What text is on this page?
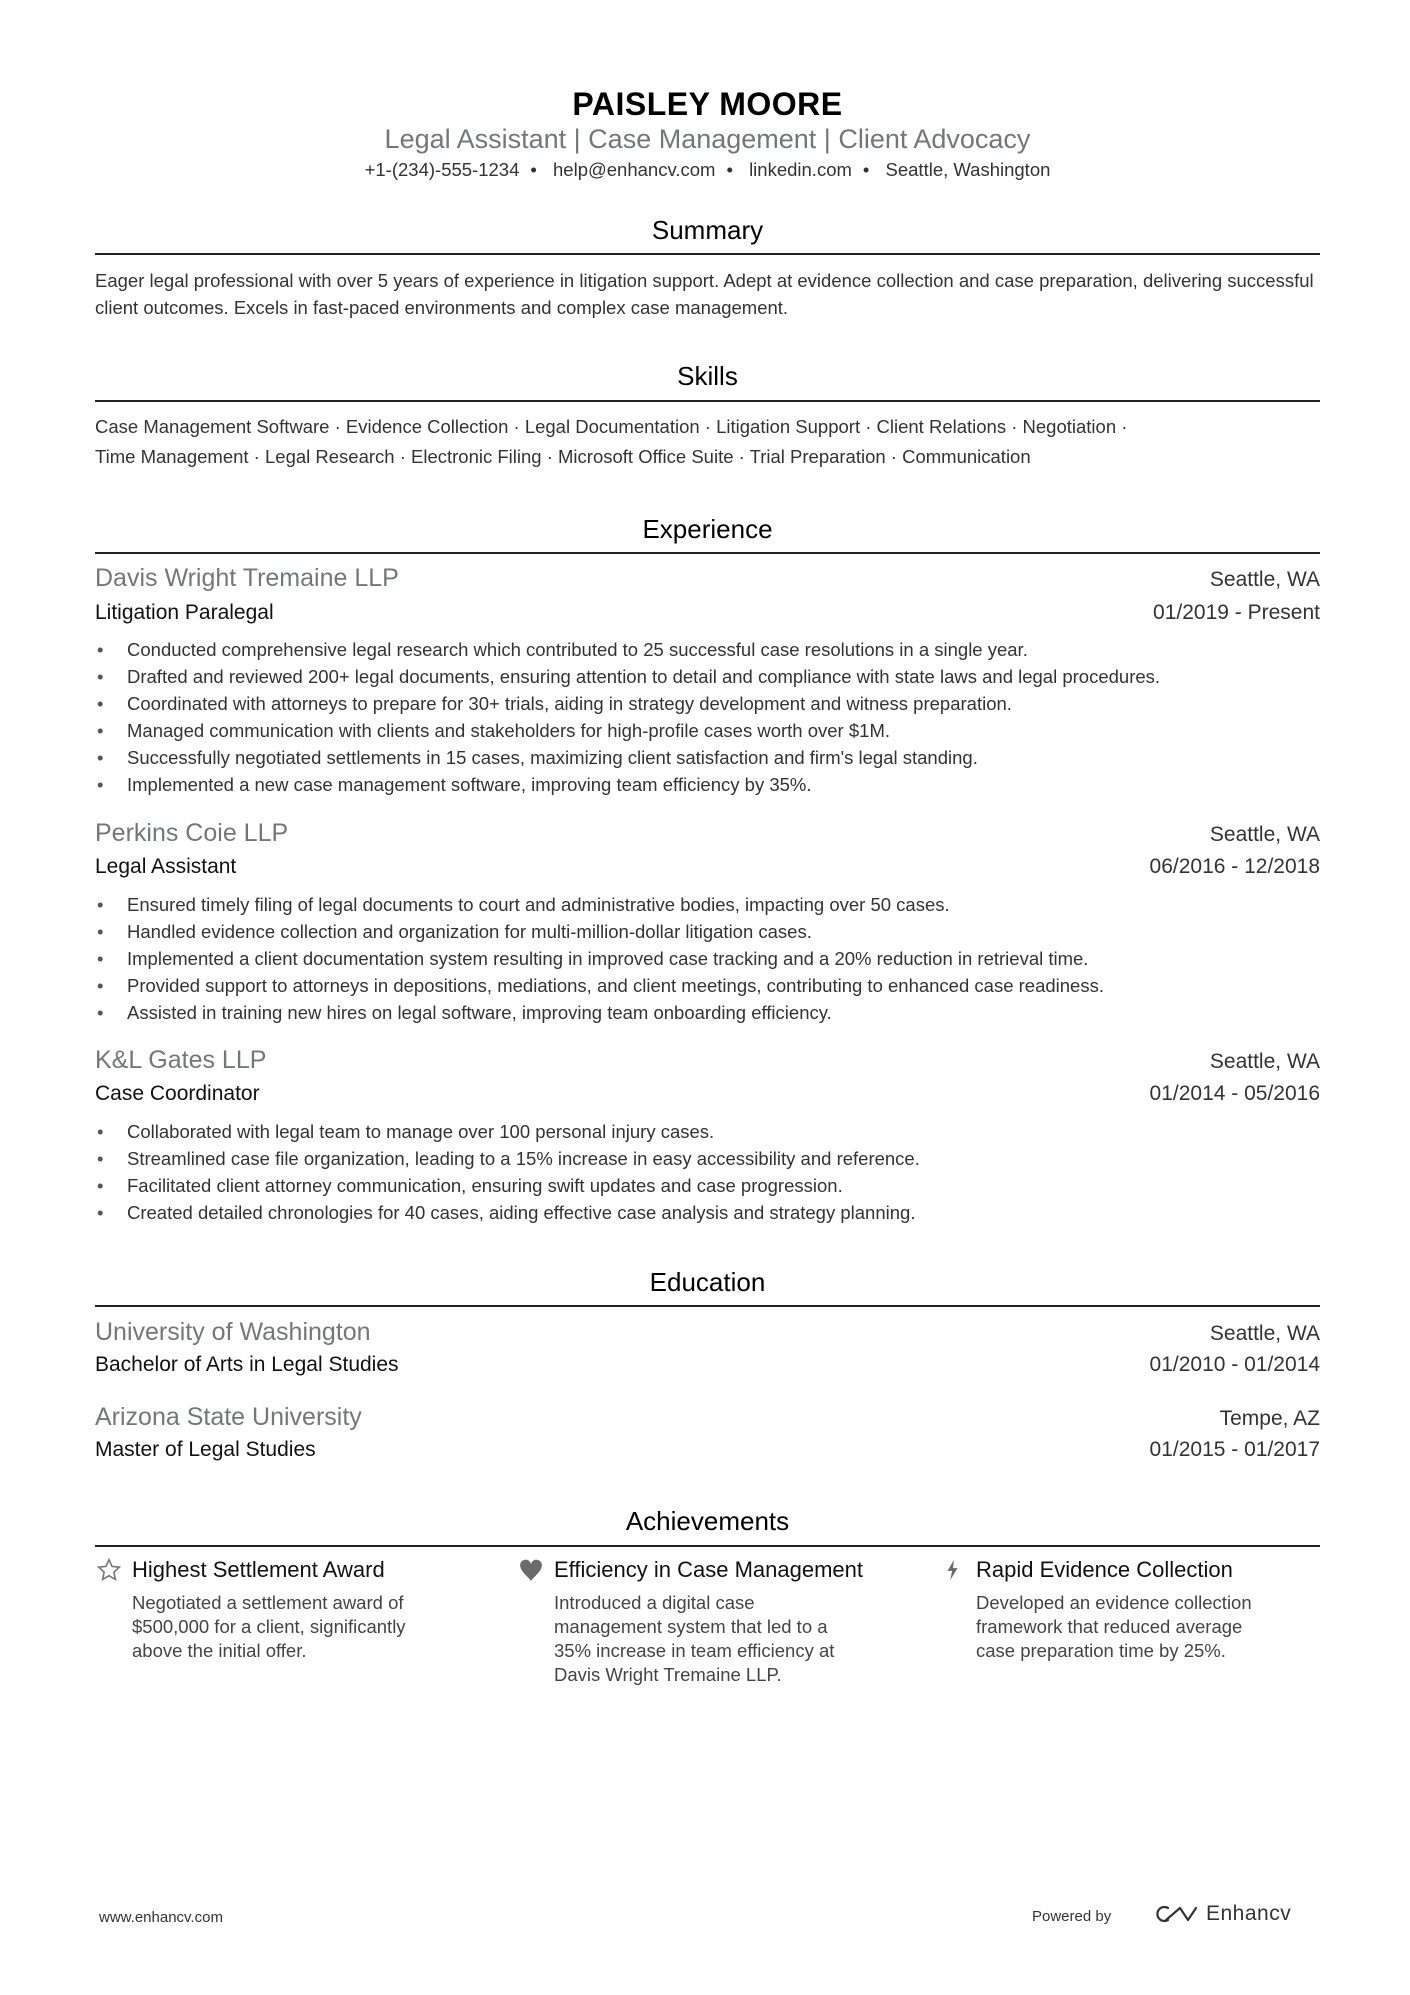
PAISLEY MOORE
Legal Assistant | Case Management | Client Advocacy
+1-(234)-555-1234 • help@enhancv.com • linkedin.com • Seattle, Washington
Summary
Eager legal professional with over 5 years of experience in litigation support. Adept at evidence collection and case preparation, delivering successful client outcomes. Excels in fast-paced environments and complex case management.
Skills
Case Management Software · Evidence Collection · Legal Documentation · Litigation Support · Client Relations · Negotiation ·
Time Management · Legal Research · Electronic Filing · Microsoft Office Suite · Trial Preparation · Communication
Experience
Davis Wright Tremaine LLP	Seattle, WA
Litigation Paralegal	01/2019 - Present
• Conducted comprehensive legal research which contributed to 25 successful case resolutions in a single year.
• Drafted and reviewed 200+ legal documents, ensuring attention to detail and compliance with state laws and legal procedures.
• Coordinated with attorneys to prepare for 30+ trials, aiding in strategy development and witness preparation.
• Managed communication with clients and stakeholders for high-profile cases worth over $1M.
• Successfully negotiated settlements in 15 cases, maximizing client satisfaction and firm's legal standing.
• Implemented a new case management software, improving team efficiency by 35%.
Perkins Coie LLP	Seattle, WA
Legal Assistant	06/2016 - 12/2018
• Ensured timely filing of legal documents to court and administrative bodies, impacting over 50 cases.
• Handled evidence collection and organization for multi-million-dollar litigation cases.
• Implemented a client documentation system resulting in improved case tracking and a 20% reduction in retrieval time.
• Provided support to attorneys in depositions, mediations, and client meetings, contributing to enhanced case readiness.
• Assisted in training new hires on legal software, improving team onboarding efficiency.
K&L Gates LLP	Seattle, WA
Case Coordinator	01/2014 - 05/2016
• Collaborated with legal team to manage over 100 personal injury cases.
• Streamlined case file organization, leading to a 15% increase in easy accessibility and reference.
• Facilitated client attorney communication, ensuring swift updates and case progression.
• Created detailed chronologies for 40 cases, aiding effective case analysis and strategy planning.
Education
University of Washington	Seattle, WA
Bachelor of Arts in Legal Studies	01/2010 - 01/2014
Arizona State University	Tempe, AZ
Master of Legal Studies	01/2015 - 01/2017
Achievements
Highest Settlement Award
Negotiated a settlement award of $500,000 for a client, significantly above the initial offer.
Efficiency in Case Management
Introduced a digital case management system that led to a 35% increase in team efficiency at Davis Wright Tremaine LLP.
Rapid Evidence Collection
Developed an evidence collection framework that reduced average case preparation time by 25%.
www.enhancv.com	Powered by	Enhancv
